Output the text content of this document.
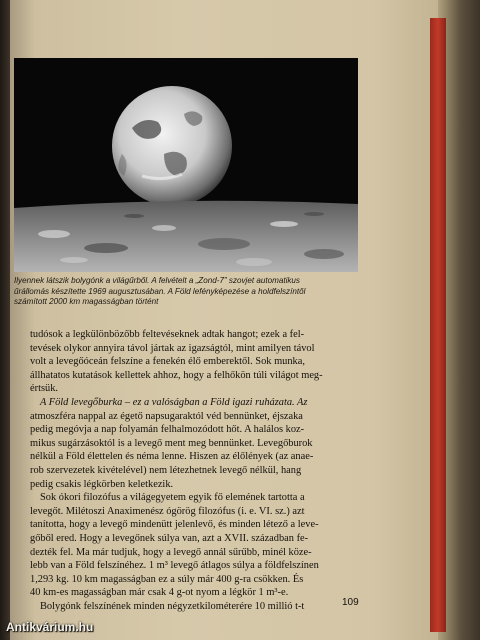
Ilyennek látszik bolygónk a világűrből. A felvételt a „Zond-7” szovjet automatikus

űrállomás készítette 1969 augusztusában. A Föld lefényképezése a holdfelszíntől

számított 2000 km magasságban történt

tudósok a legkülönbözőbb feltevéseknek adtak hangot; ezek a fel-

tevések olykor annyira távol jártak az igazságtól, mint amilyen távol

volt a levegőóceán felszíne a fenekén élő emberektől. Sok munka,

állhatatos kutatások kellettek ahhoz, hogy a felhőkön túli világot meg-

értsük.

A Föld levegőburka – ez a valóságban a Föld igazi ruházata. Az

atmoszféra nappal az égető napsugaraktól véd bennünket, éjszaka

pedig megóvja a nap folyamán felhalmozódott hőt. A halálos koz-

mikus sugárzásoktól is a levegő ment meg bennünket. Levegőburok

nélkül a Föld élettelen és néma lenne. Hiszen az élőlények (az anae-

rob szervezetek kivételével) nem létezhetnek levegő nélkül, hang

pedig csakis légkörben keletkezik.

Sok ókori filozófus a világegyetem egyik fő elemének tartotta a

levegőt. Milétoszi Anaximenész ógörög filozófus (i. e. VI. sz.) azt

tanította, hogy a levegő mindenütt jelenlevő, és minden létező a leve-

gőből ered. Hogy a levegőnek súlya van, azt a XVII. században fe-

dezték fel. Ma már tudjuk, hogy a levegő annál sűrűbb, minél köze-

lebb van a Föld felszínéhez. 1 m³ levegő átlagos súlya a földfelszínen

1,293 kg. 10 km magasságban ez a súly már 400 g-ra csökken. És

40 km-es magasságban már csak 4 g-ot nyom a légkör 1 m³-e.

Bolygónk felszínének minden négyzetkilométerére 10 millió t-t	109
Antikvárium.hu
